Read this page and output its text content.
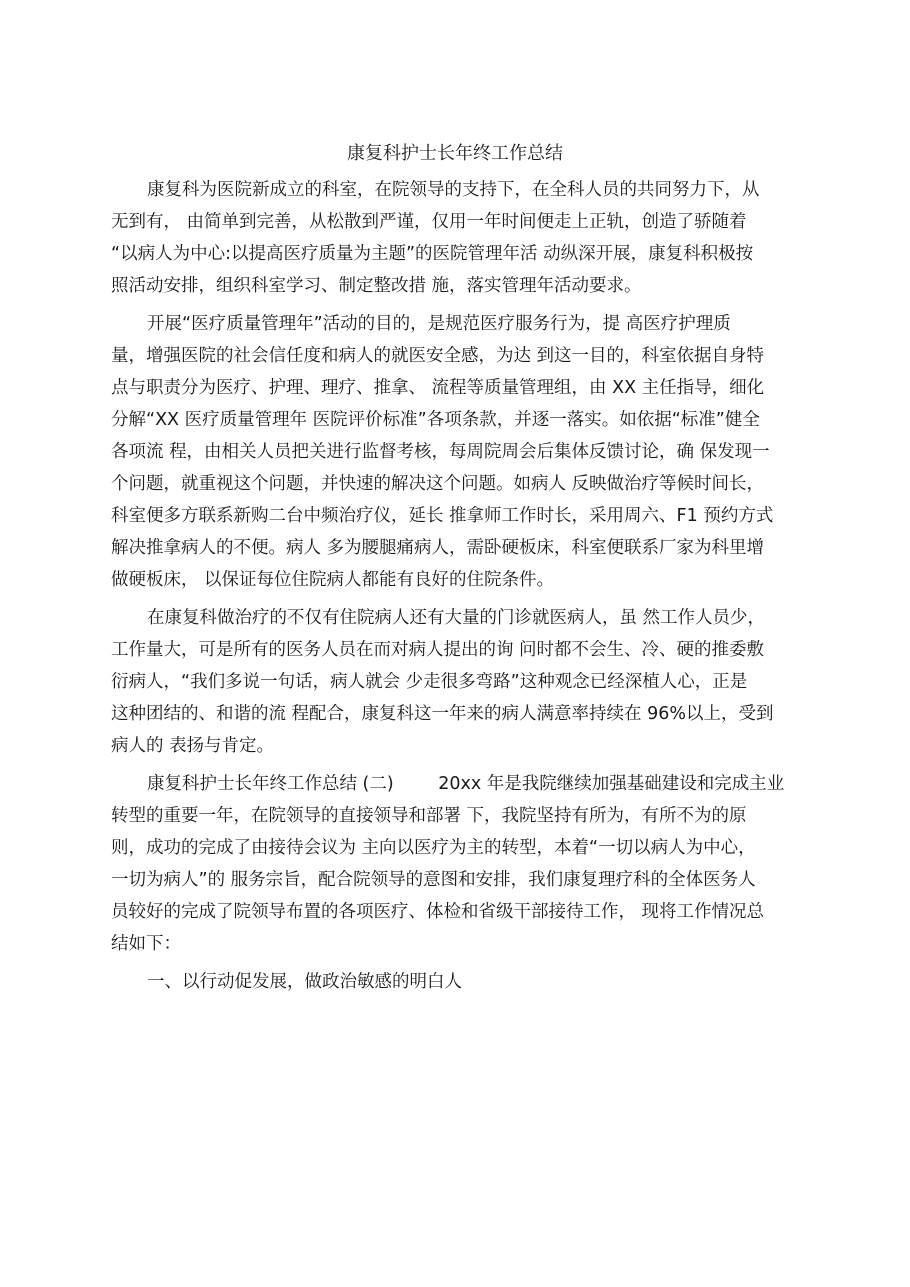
康复科护士长年终工作总结

康复科为医院新成立的科室，在院领导的支持下，在全科人员的共同努力下，从
无到有， 由简单到完善，从松散到严谨，仅用一年时间便走上正轨，创造了骄随着
“以病人为中心:以提高医疗质量为主题”的医院管理年活 动纵深开展，康复科积极按
照活动安排，组织科室学习、制定整改措 施，落实管理年活动要求。

开展“医疗质量管理年”活动的目的，是规范医疗服务行为，提 高医疗护理质
量，增强医院的社会信任度和病人的就医安全感，为达 到这一目的，科室依据自身特
点与职责分为医疗、护理、理疗、推拿、 流程等质量管理组，由 XX 主任指导，细化
分解“XX 医疗质量管理年 医院评价标准”各项条款，并逐一落实。如依据“标准”健全
各项流 程，由相关人员把关进行监督考核，每周院周会后集体反馈讨论，确 保发现一
个问题，就重视这个问题，并快速的解决这个问题。如病人 反映做治疗等候时间长，
科室便多方联系新购二台中频治疗仪，延长 推拿师工作时长，采用周六、F1 预约方式
解决推拿病人的不便。病人 多为腰腿痛病人，需卧硬板床，科室便联系厂家为科里增
做硬板床， 以保证每位住院病人都能有良好的住院条件。

在康复科做治疗的不仅有住院病人还有大量的门诊就医病人，虽 然工作人员少，
工作量大，可是所有的医务人员在而对病人提出的询 问时都不会生、冷、硬的推委敷
衍病人，“我们多说一句话，病人就会 少走很多弯路”这种观念已经深植人心，正是
这种团结的、和谐的流 程配合，康复科这一年来的病人满意率持续在 96%以上，受到
病人的 表扬与肯定。

康复科护士长年终工作总结 (二)        20xx 年是我院继续加强基础建设和完成主业
转型的重要一年，在院领导的直接领导和部署 下，我院坚持有所为，有所不为的原
则，成功的完成了由接待会议为 主向以医疗为主的转型，本着“一切以病人为中心，
一切为病人”的 服务宗旨，配合院领导的意图和安排，我们康复理疗科的全体医务人
员较好的完成了院领导布置的各项医疗、体检和省级干部接待工作， 现将工作情况总
结如下：

一、以行动促发展，做政治敏感的明白人
